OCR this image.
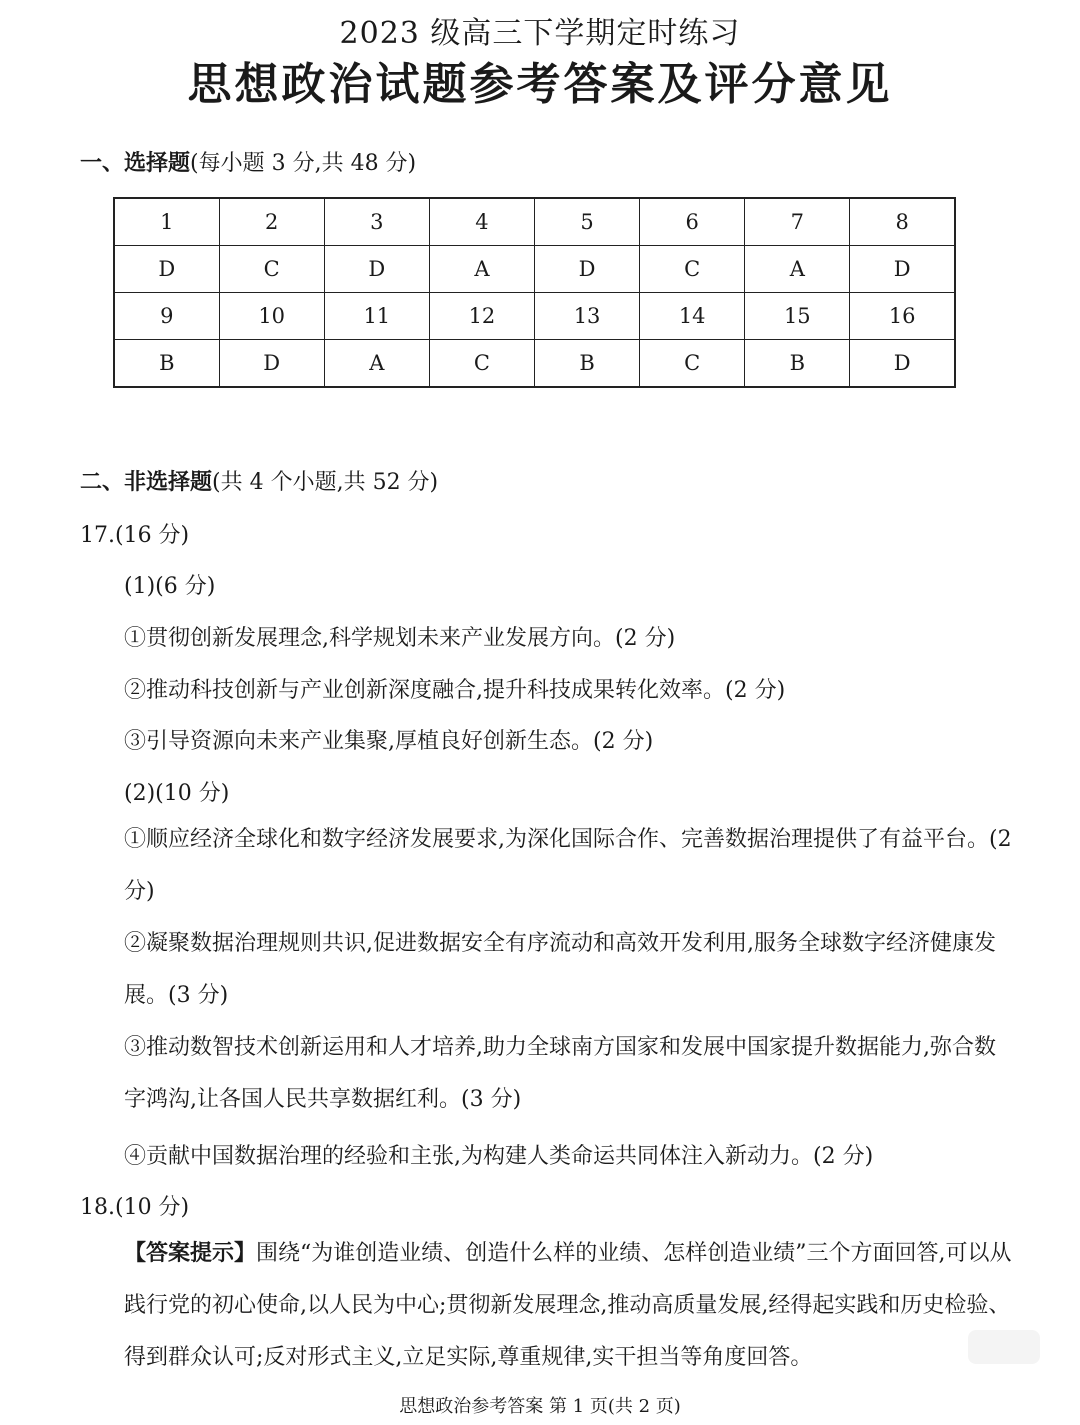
2023 级高三下学期定时练习
思想政治试题参考答案及评分意见
一、选择题(每小题 3 分,共 48 分)
1	2	3	4	5	6	7	8
D	C	D	A	D	C	A	D
9	10	11	12	13	14	15	16
B	D	A	C	B	C	B	D
二、非选择题(共 4 个小题,共 52 分)
17.(16 分)
(1)(6 分)
①贯彻创新发展理念,科学规划未来产业发展方向。(2 分)
②推动科技创新与产业创新深度融合,提升科技成果转化效率。(2 分)
③引导资源向未来产业集聚,厚植良好创新生态。(2 分)
(2)(10 分)
①顺应经济全球化和数字经济发展要求,为深化国际合作、完善数据治理提供了有益平台。(2 分)
②凝聚数据治理规则共识,促进数据安全有序流动和高效开发利用,服务全球数字经济健康发展。(3 分)
③推动数智技术创新运用和人才培养,助力全球南方国家和发展中国家提升数据能力,弥合数字鸿沟,让各国人民共享数据红利。(3 分)
④贡献中国数据治理的经验和主张,为构建人类命运共同体注入新动力。(2 分)
18.(10 分)
【答案提示】围绕“为谁创造业绩、创造什么样的业绩、怎样创造业绩”三个方面回答,可以从践行党的初心使命,以人民为中心;贯彻新发展理念,推动高质量发展,经得起实践和历史检验、得到群众认可;反对形式主义,立足实际,尊重规律,实干担当等角度回答。
思想政治参考答案 第 1 页(共 2 页)
